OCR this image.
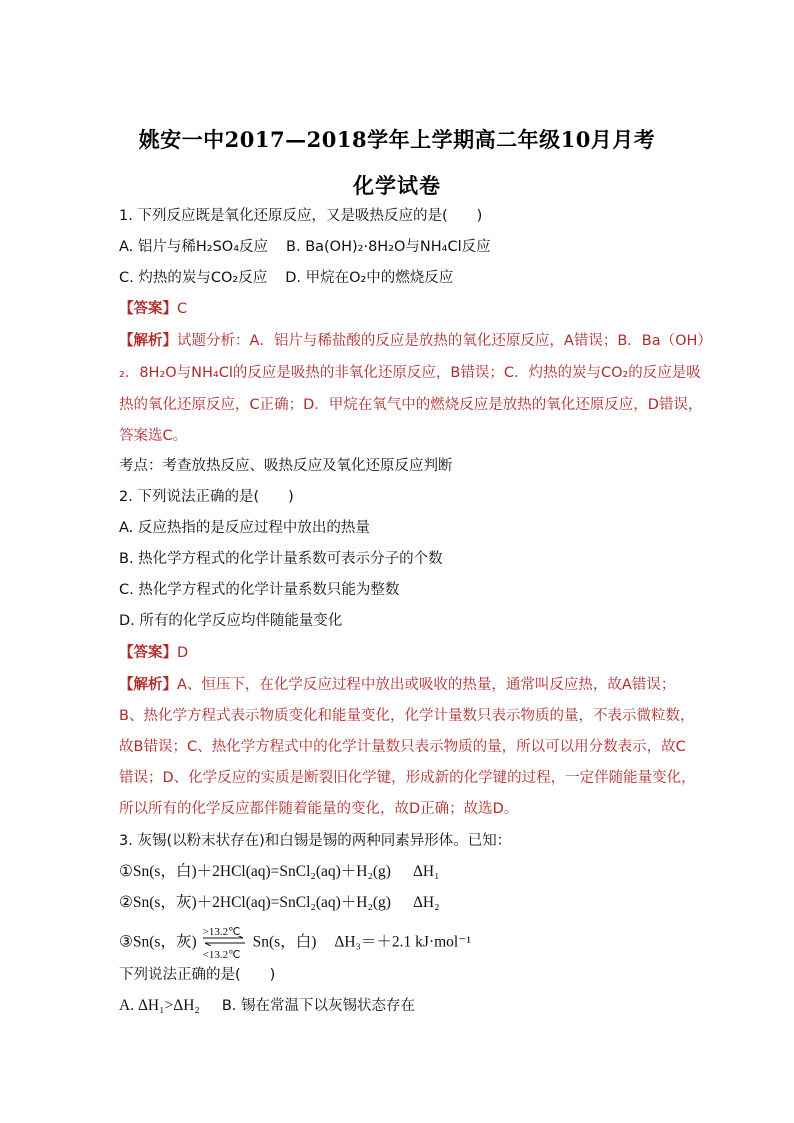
姚安一中2017—2018学年上学期高二年级10月月考
化学试卷
1. 下列反应既是氧化还原反应，又是吸热反应的是(　　)
A. 铝片与稀H₂SO₄反应 B. Ba(OH)₂·8H₂O与NH₄Cl反应
C. 灼热的炭与CO₂反应 D. 甲烷在O₂中的燃烧反应
【答案】C
【解析】试题分析：A．铝片与稀盐酸的反应是放热的氧化还原反应，A错误；B．Ba（OH）
₂．8H₂O与NH₄Cl的反应是吸热的非氧化还原反应，B错误；C．灼热的炭与CO₂的反应是吸
热的氧化还原反应，C正确；D．甲烷在氧气中的燃烧反应是放热的氧化还原反应，D错误，
答案选C。
考点：考查放热反应、吸热反应及氧化还原反应判断
2. 下列说法正确的是(　　)
A. 反应热指的是反应过程中放出的热量
B. 热化学方程式的化学计量系数可表示分子的个数
C. 热化学方程式的化学计量系数只能为整数
D. 所有的化学反应均伴随能量变化
【答案】D
【解析】A、恒压下，在化学反应过程中放出或吸收的热量，通常叫反应热，故A错误；
B、热化学方程式表示物质变化和能量变化，化学计量数只表示物质的量，不表示微粒数，
故B错误；C、热化学方程式中的化学计量数只表示物质的量，所以可以用分数表示，故C
错误；D、化学反应的实质是断裂旧化学键，形成新的化学键的过程，一定伴随能量变化，
所以所有的化学反应都伴随着能量的变化，故D正确；故选D。
3. 灰锡(以粉末状存在)和白锡是锡的两种同素异形体。已知：
①Sn(s，白)＋2HCl(aq)=SnCl₂(aq)＋H₂(g) ΔH₁
②Sn(s，灰)＋2HCl(aq)=SnCl₂(aq)＋H₂(g) ΔH₂
③Sn(s，灰)
>13.2℃
<13.2℃
Sn(s，白) ΔH₃＝＋2.1 kJ·mol⁻¹
下列说法正确的是(　　)
A. ΔH₁>ΔH₂ B. 锡在常温下以灰锡状态存在
